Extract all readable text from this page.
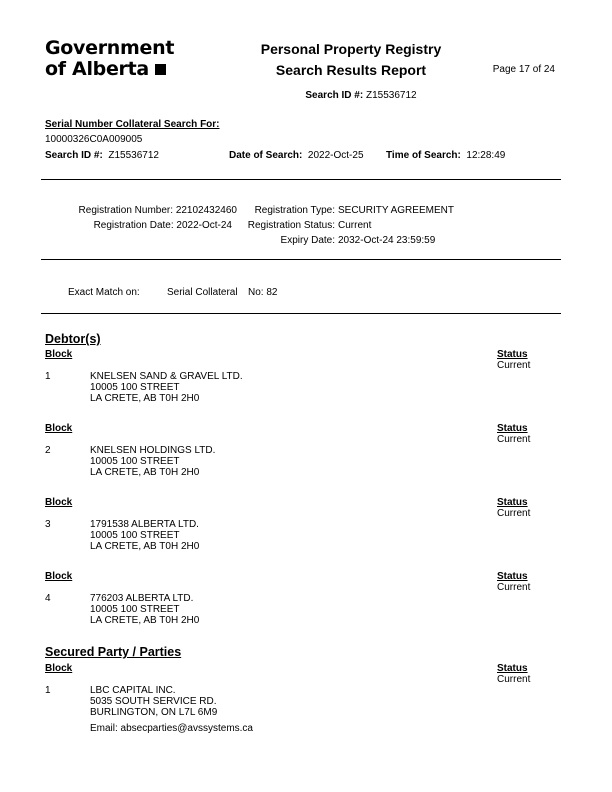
Government
of Alberta
Personal Property Registry
Search Results Report	Page 17 of 24
Search ID #: Z15536712
Serial Number Collateral Search For:
10000326C0A009005
Search ID #: Z15536712	Date of Search: 2022-Oct-25 Time of Search: 12:28:49
Registration Number: 22102432460
Registration Date: 2022-Oct-24
Registration Type: SECURITY AGREEMENT
Registration Status: Current
Expiry Date: 2032-Oct-24 23:59:59
Exact Match on:	Serial Collateral No: 82
Debtor(s)
Block	Status
Current
1	KNELSEN SAND & GRAVEL LTD.
10005 100 STREET
LA CRETE, AB T0H 2H0
Block	Status
Current
2	KNELSEN HOLDINGS LTD.
10005 100 STREET
LA CRETE, AB T0H 2H0
Block	Status
Current
3	1791538 ALBERTA LTD.
10005 100 STREET
LA CRETE, AB T0H 2H0
Block	Status
Current
4	776203 ALBERTA LTD.
10005 100 STREET
LA CRETE, AB T0H 2H0
Secured Party / Parties
Block	Status
Current
1	LBC CAPITAL INC.
5035 SOUTH SERVICE RD.
BURLINGTON, ON L7L 6M9
Email: absecparties@avssystems.ca
